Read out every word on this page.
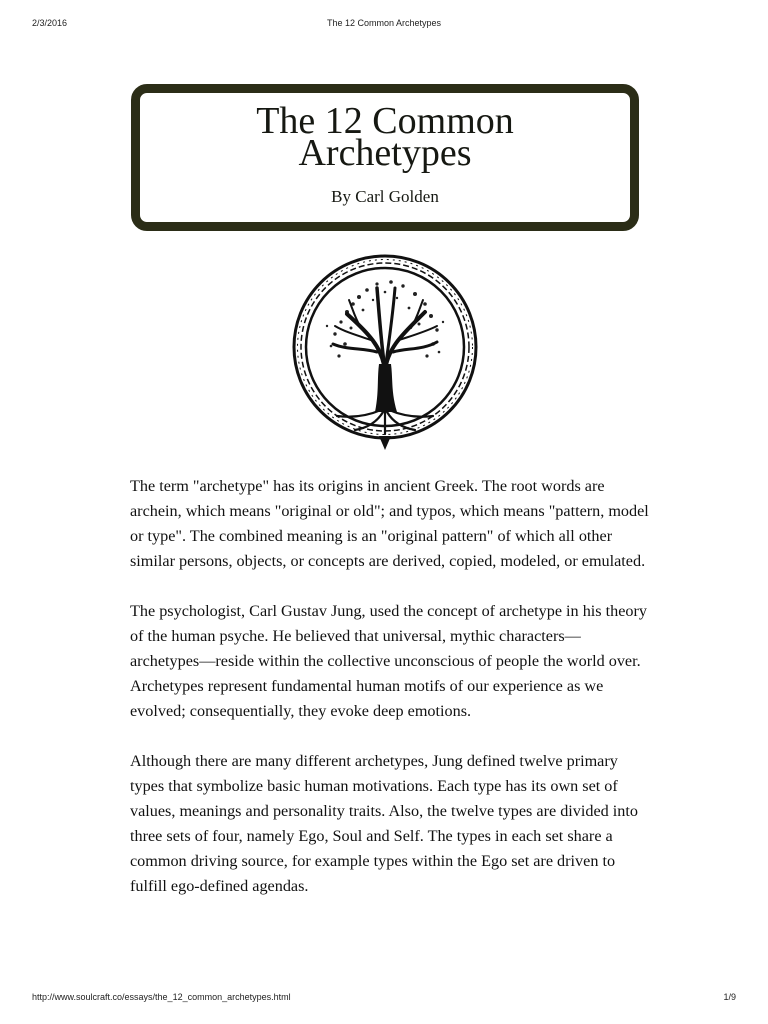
2/3/2016	The 12 Common Archetypes
The 12 Common
Archetypes
By Carl Golden

The term "archetype" has its origins in ancient Greek. The root words are archein, which means "original or old"; and typos, which means "pattern, model or type". The combined meaning is an "original pattern" of which all other similar persons, objects, or concepts are derived, copied, modeled, or emulated.

The psychologist, Carl Gustav Jung, used the concept of archetype in his theory of the human psyche. He believed that universal, mythic characters—archetypes—reside within the collective unconscious of people the world over. Archetypes represent fundamental human motifs of our experience as we evolved; consequentially, they evoke deep emotions.

Although there are many different archetypes, Jung defined twelve primary types that symbolize basic human motivations. Each type has its own set of values, meanings and personality traits. Also, the twelve types are divided into three sets of four, namely Ego, Soul and Self. The types in each set share a common driving source, for example types within the Ego set are driven to fulfill ego-defined agendas.

http://www.soulcraft.co/essays/the_12_common_archetypes.html	1/9
